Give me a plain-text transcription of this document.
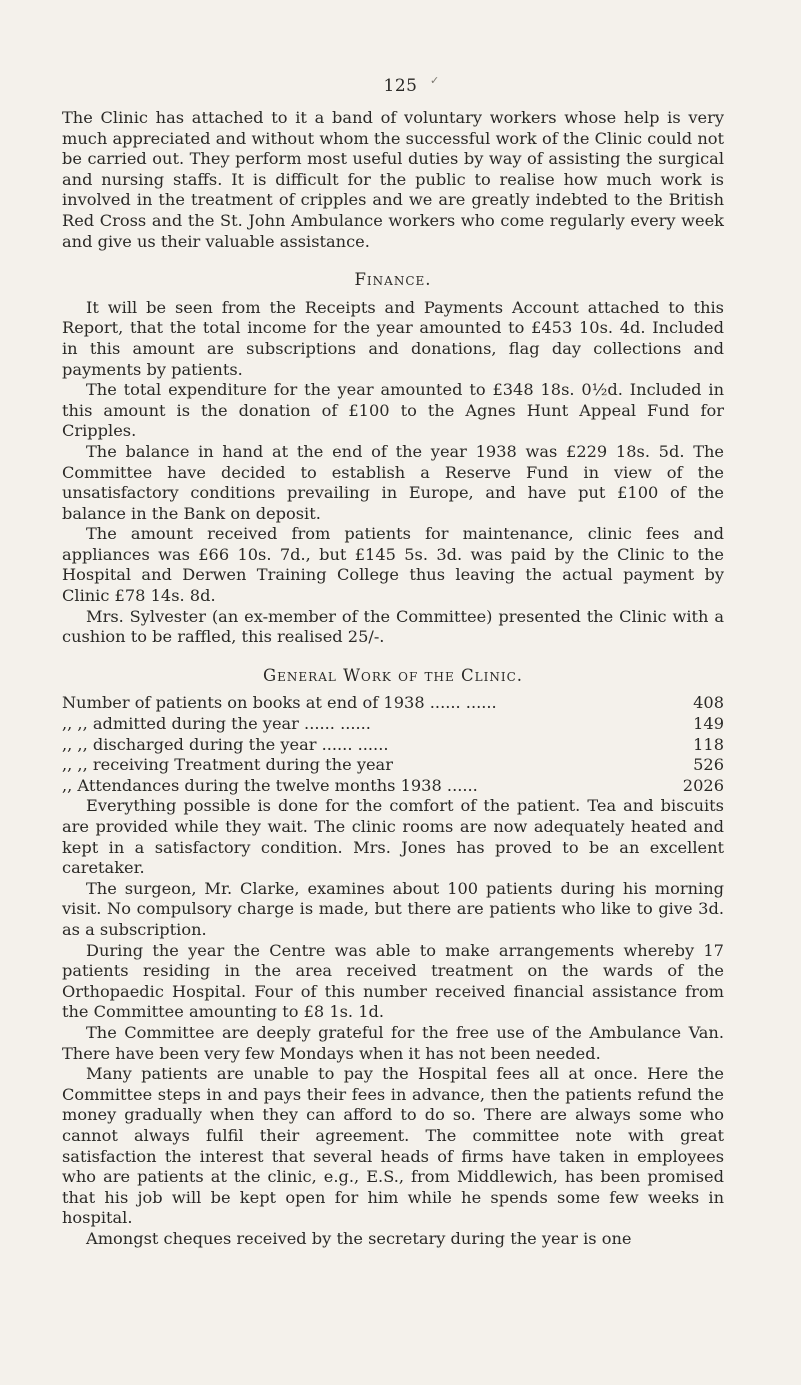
125	✓

The Clinic has attached to it a band of voluntary workers whose help is very much appreciated and without whom the successful work of the Clinic could not be carried out. They perform most useful duties by way of assisting the surgical and nursing staffs. It is difficult for the public to realise how much work is involved in the treatment of cripples and we are greatly indebted to the British Red Cross and the St. John Ambulance workers who come regularly every week and give us their valuable assistance.

Finance.

It will be seen from the Receipts and Payments Account attached to this Report, that the total income for the year amounted to £453 10s. 4d. Included in this amount are subscriptions and donations, flag day collections and payments by patients.

The total expenditure for the year amounted to £348 18s. 0½d. Included in this amount is the donation of £100 to the Agnes Hunt Appeal Fund for Cripples.

The balance in hand at the end of the year 1938 was £229 18s. 5d. The Committee have decided to establish a Reserve Fund in view of the unsatisfactory conditions prevailing in Europe, and have put £100 of the balance in the Bank on deposit.

The amount received from patients for maintenance, clinic fees and appliances was £66 10s. 7d., but £145 5s. 3d. was paid by the Clinic to the Hospital and Derwen Training College thus leaving the actual payment by Clinic £78 14s. 8d.

Mrs. Sylvester (an ex-member of the Committee) presented the Clinic with a cushion to be raffled, this realised 25/-.

General Work of the Clinic.
Number of patients on books at end of 1938 ...... ......	408
,, ,, admitted during the year ...... ......	149
,, ,, discharged during the year ...... ......	118
,, ,, receiving Treatment during the year	526
,, Attendances during the twelve months 1938 ......	2026

Everything possible is done for the comfort of the patient. Tea and biscuits are provided while they wait. The clinic rooms are now adequately heated and kept in a satisfactory condition. Mrs. Jones has proved to be an excellent caretaker.

The surgeon, Mr. Clarke, examines about 100 patients during his morning visit. No compulsory charge is made, but there are patients who like to give 3d. as a subscription.

During the year the Centre was able to make arrangements whereby 17 patients residing in the area received treatment on the wards of the Orthopaedic Hospital. Four of this number received financial assistance from the Committee amounting to £8 1s. 1d.

The Committee are deeply grateful for the free use of the Ambulance Van. There have been very few Mondays when it has not been needed.

Many patients are unable to pay the Hospital fees all at once. Here the Committee steps in and pays their fees in advance, then the patients refund the money gradually when they can afford to do so. There are always some who cannot always fulfil their agreement. The committee note with great satisfaction the interest that several heads of firms have taken in employees who are patients at the clinic, e.g., E.S., from Middlewich, has been promised that his job will be kept open for him while he spends some few weeks in hospital.

Amongst cheques received by the secretary during the year is one
